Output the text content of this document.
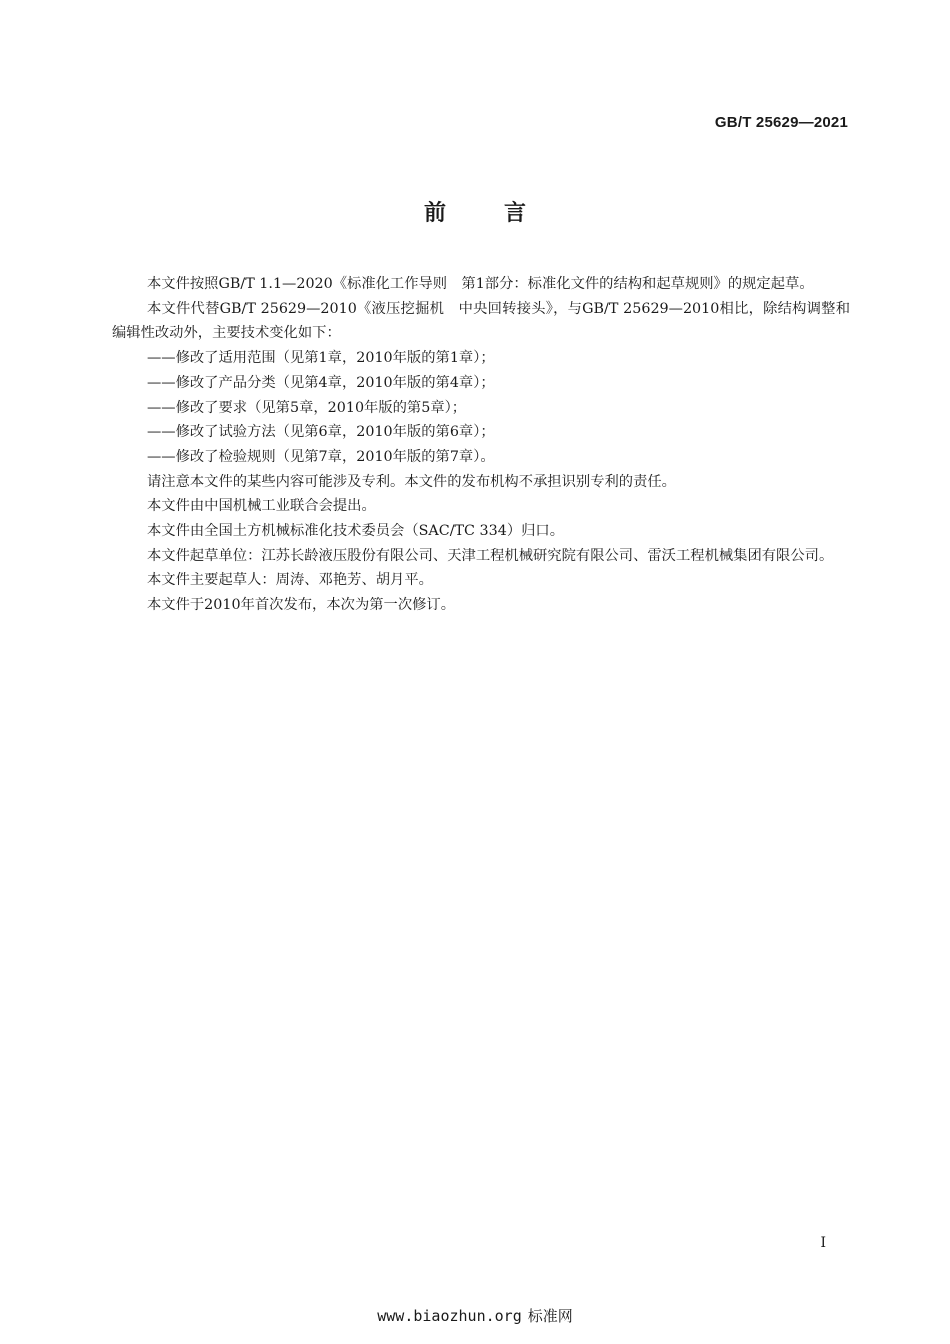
GB/T 25629—2021
前言

本文件按照GB/T 1.1—2020《标准化工作导则　第1部分：标准化文件的结构和起草规则》的规定起草。

本文件代替GB/T 25629—2010《液压挖掘机　中央回转接头》，与GB/T 25629—2010相比，除结构调整和编辑性改动外，主要技术变化如下：

——修改了适用范围（见第1章，2010年版的第1章）；

——修改了产品分类（见第4章，2010年版的第4章）；

——修改了要求（见第5章，2010年版的第5章）；

——修改了试验方法（见第6章，2010年版的第6章）；

——修改了检验规则（见第7章，2010年版的第7章）。

请注意本文件的某些内容可能涉及专利。本文件的发布机构不承担识别专利的责任。

本文件由中国机械工业联合会提出。

本文件由全国土方机械标准化技术委员会（SAC/TC 334）归口。

本文件起草单位：江苏长龄液压股份有限公司、天津工程机械研究院有限公司、雷沃工程机械集团有限公司。

本文件主要起草人：周涛、邓艳芳、胡月平。

本文件于2010年首次发布，本次为第一次修订。

I
www.biaozhun.org 标准网
